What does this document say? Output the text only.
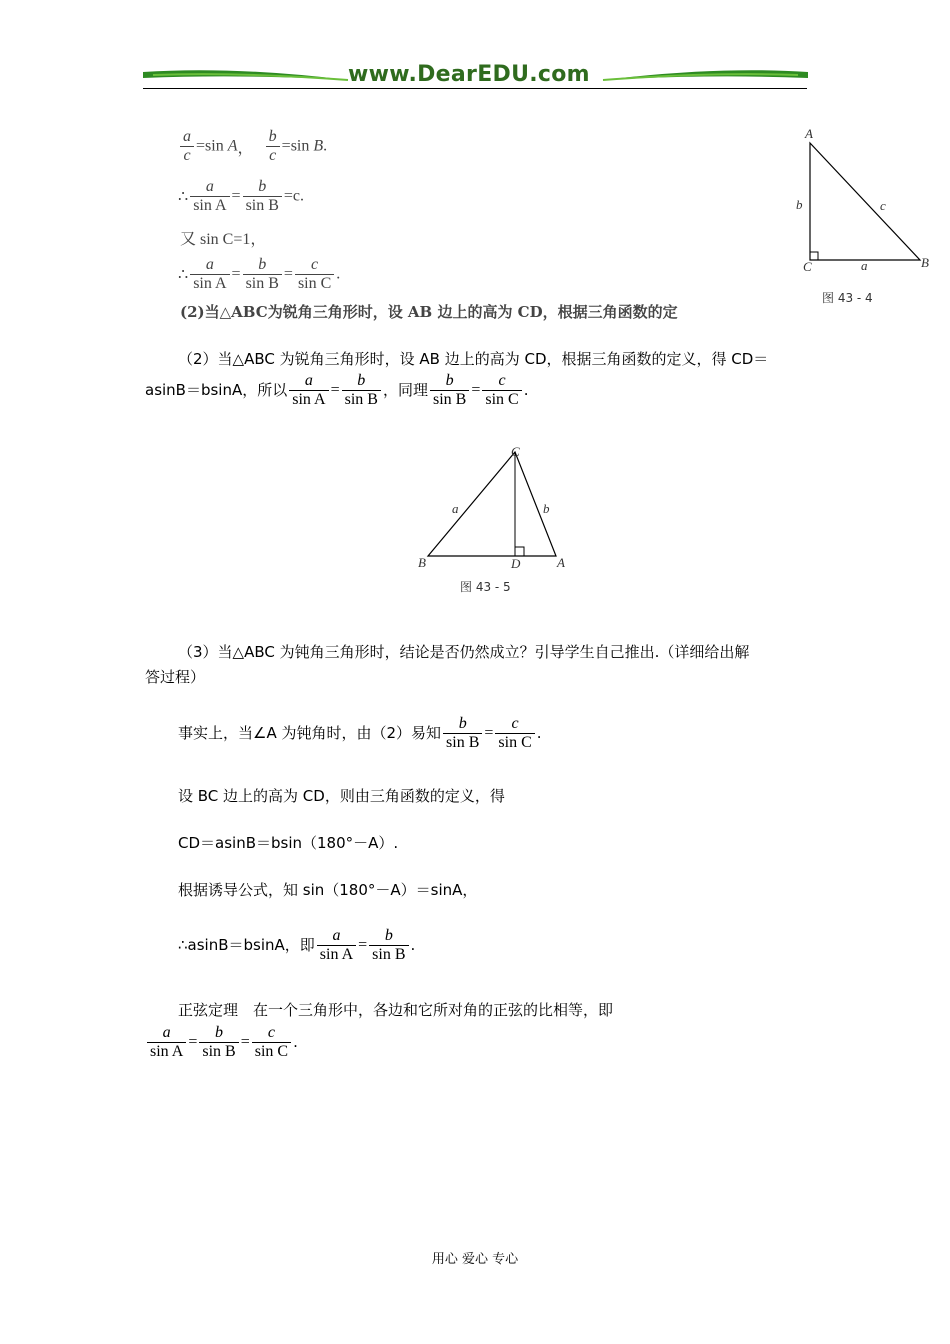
www.DearEDU.com
$\frac{a}{c} =\sin$ A， $\frac{b}{c} =\sin$ B.
∴ $\frac{a}{\text{sin A}} = \frac{b}{\text{sin B}} =c$.
又 sin C=1，
∴ $\frac{a}{\text{sin A}} = \frac{b}{\text{sin B}} = \frac{c}{\text{sin C}}$ .
(2)当△ABC为锐角三角形时，设 AB 边上的高为 CD，根据三角函数的定
A
C	B
b	c
a
图 43 - 4
（2）当△ABC 为锐角三角形时，设 AB 边上的高为 CD，根据三角函数的定义，得 CD＝
asinB＝bsinA，所以 $\frac{a}{\text{sin A}} = \frac{b}{\text{sin B}}$ ，同理 $\frac{b}{\text{sin B}} = \frac{c}{\text{sin C}}$ .
C
B	D	A
a	b
图 43 - 5
（3）当△ABC 为钝角三角形时，结论是否仍然成立？引导学生自己推出.（详细给出解
答过程）
事实上，当∠A 为钝角时，由（2）易知 $\frac{b}{\text{sin B}} = \frac{c}{\text{sin C}}$ .
设 BC 边上的高为 CD，则由三角函数的定义，得
CD＝asinB＝bsin（180°－A）.
根据诱导公式，知 sin（180°－A）＝sinA，
∴asinB＝bsinA，即 $\frac{a}{\text{sin A}} = \frac{b}{\text{sin B}}$ .
正弦定理　在一个三角形中，各边和它所对角的正弦的比相等，即
$\frac{a}{\text{sin A}} = \frac{b}{\text{sin B}} = \frac{c}{\text{sin C}}$ .
用心 爱心 专心
